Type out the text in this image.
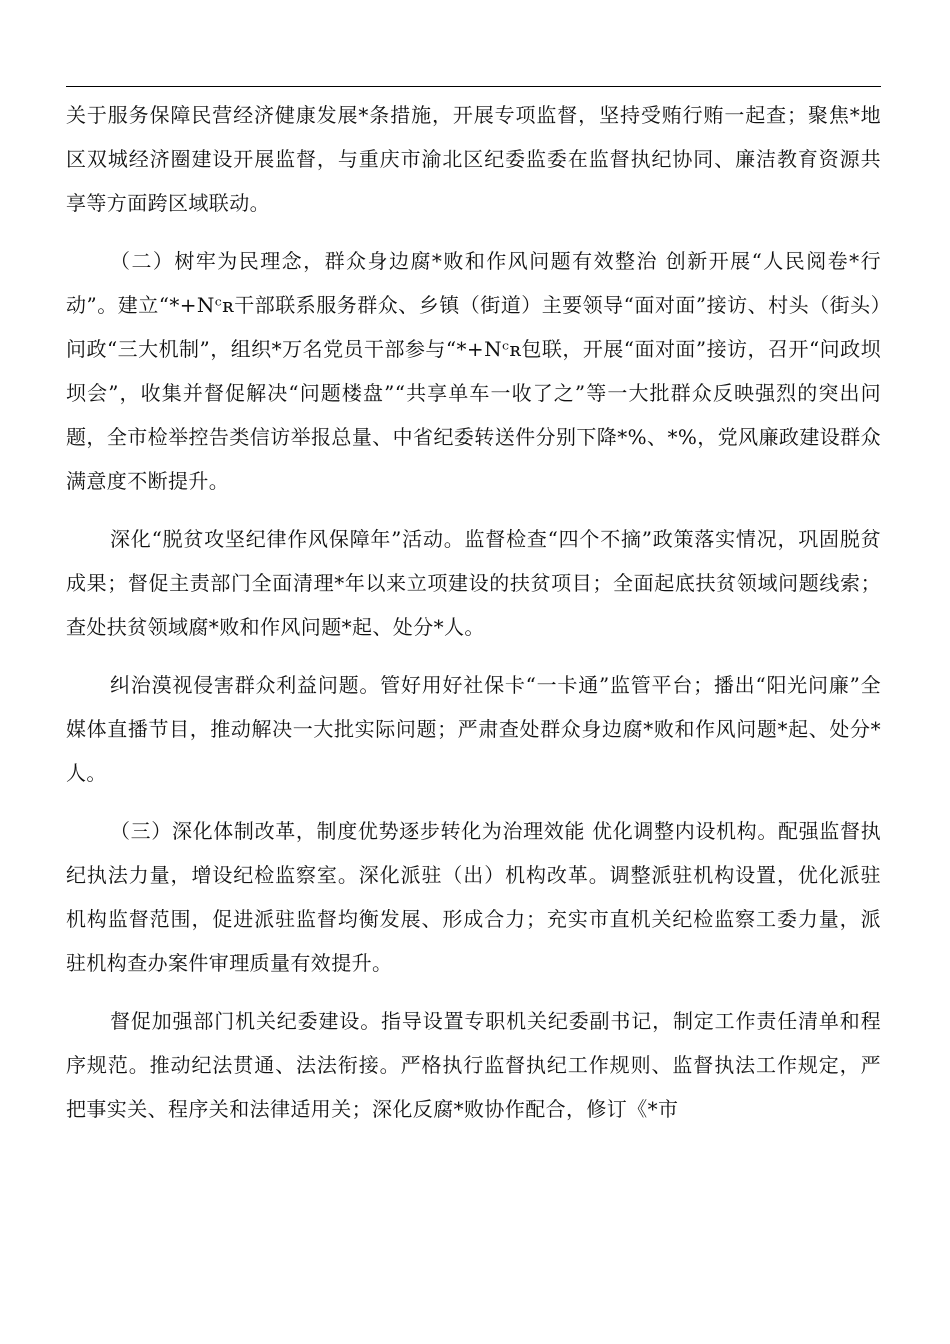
关于服务保障民营经济健康发展*条措施，开展专项监督，坚持受贿行贿一起查；聚焦*地区双城经济圈建设开展监督，与重庆市渝北区纪委监委在监督执纪协同、廉洁教育资源共享等方面跨区域联动。

（二）树牢为民理念，群众身边腐*败和作风问题有效整治 创新开展“人民阅卷*行动”。建立“*+Nᶜʀ干部联系服务群众、乡镇（街道）主要领导“面对面”接访、村头（街头）问政“三大机制”，组织*万名党员干部参与“*+Nᶜʀ包联，开展“面对面”接访，召开“问政坝坝会”，收集并督促解决“问题楼盘”“共享单车一收了之”等一大批群众反映强烈的突出问题，全市检举控告类信访举报总量、中省纪委转送件分别下降*%、*%，党风廉政建设群众满意度不断提升。

深化“脱贫攻坚纪律作风保障年”活动。监督检查“四个不摘”政策落实情况，巩固脱贫成果；督促主责部门全面清理*年以来立项建设的扶贫项目；全面起底扶贫领域问题线索；查处扶贫领域腐*败和作风问题*起、处分*人。

纠治漠视侵害群众利益问题。管好用好社保卡“一卡通”监管平台；播出“阳光问廉”全媒体直播节目，推动解决一大批实际问题；严肃查处群众身边腐*败和作风问题*起、处分*人。

（三）深化体制改革，制度优势逐步转化为治理效能 优化调整内设机构。配强监督执纪执法力量，增设纪检监察室。深化派驻（出）机构改革。调整派驻机构设置，优化派驻机构监督范围，促进派驻监督均衡发展、形成合力；充实市直机关纪检监察工委力量，派驻机构查办案件审理质量有效提升。

督促加强部门机关纪委建设。指导设置专职机关纪委副书记，制定工作责任清单和程序规范。推动纪法贯通、法法衔接。严格执行监督执纪工作规则、监督执法工作规定，严把事实关、程序关和法律适用关；深化反腐*败协作配合，修订《*市
